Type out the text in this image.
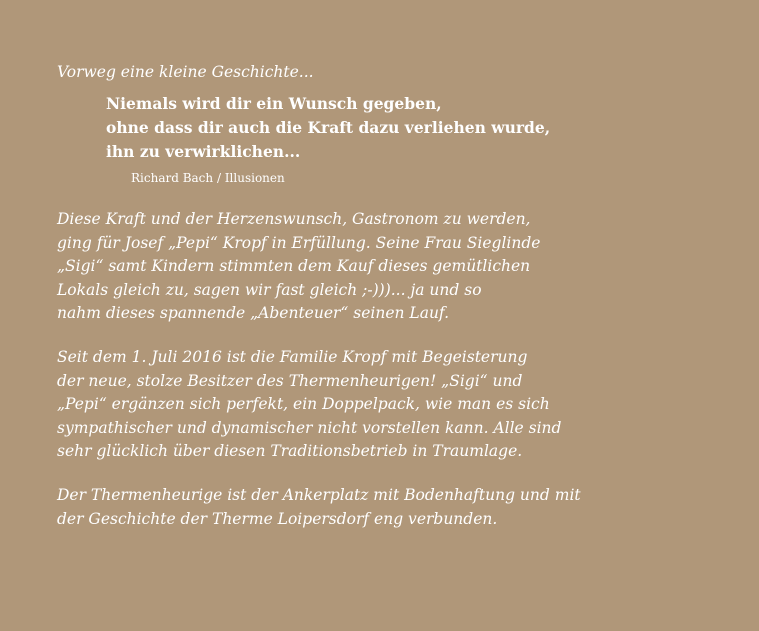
Vorweg eine kleine Geschichte...

Niemals wird dir ein Wunsch gegeben,
ohne dass dir auch die Kraft dazu verliehen wurde,
ihn zu verwirklichen...
Richard Bach / Illusionen
Diese Kraft und der Herzenswunsch, Gastronom zu werden,
ging für Josef „Pepi“ Kropf in Erfüllung. Seine Frau Sieglinde
„Sigi“ samt Kindern stimmten dem Kauf dieses gemütlichen
Lokals gleich zu, sagen wir fast gleich ;-)))... ja und so
nahm dieses spannende „Abenteuer“ seinen Lauf.
Seit dem 1. Juli 2016 ist die Familie Kropf mit Begeisterung
der neue, stolze Besitzer des Thermenheurigen! „Sigi“ und
„Pepi“ ergänzen sich perfekt, ein Doppelpack, wie man es sich
sympathischer und dynamischer nicht vorstellen kann. Alle sind
sehr glücklich über diesen Traditionsbetrieb in Traumlage.
Der Thermenheurige ist der Ankerplatz mit Bodenhaftung und mit
der Geschichte der Therme Loipersdorf eng verbunden.
